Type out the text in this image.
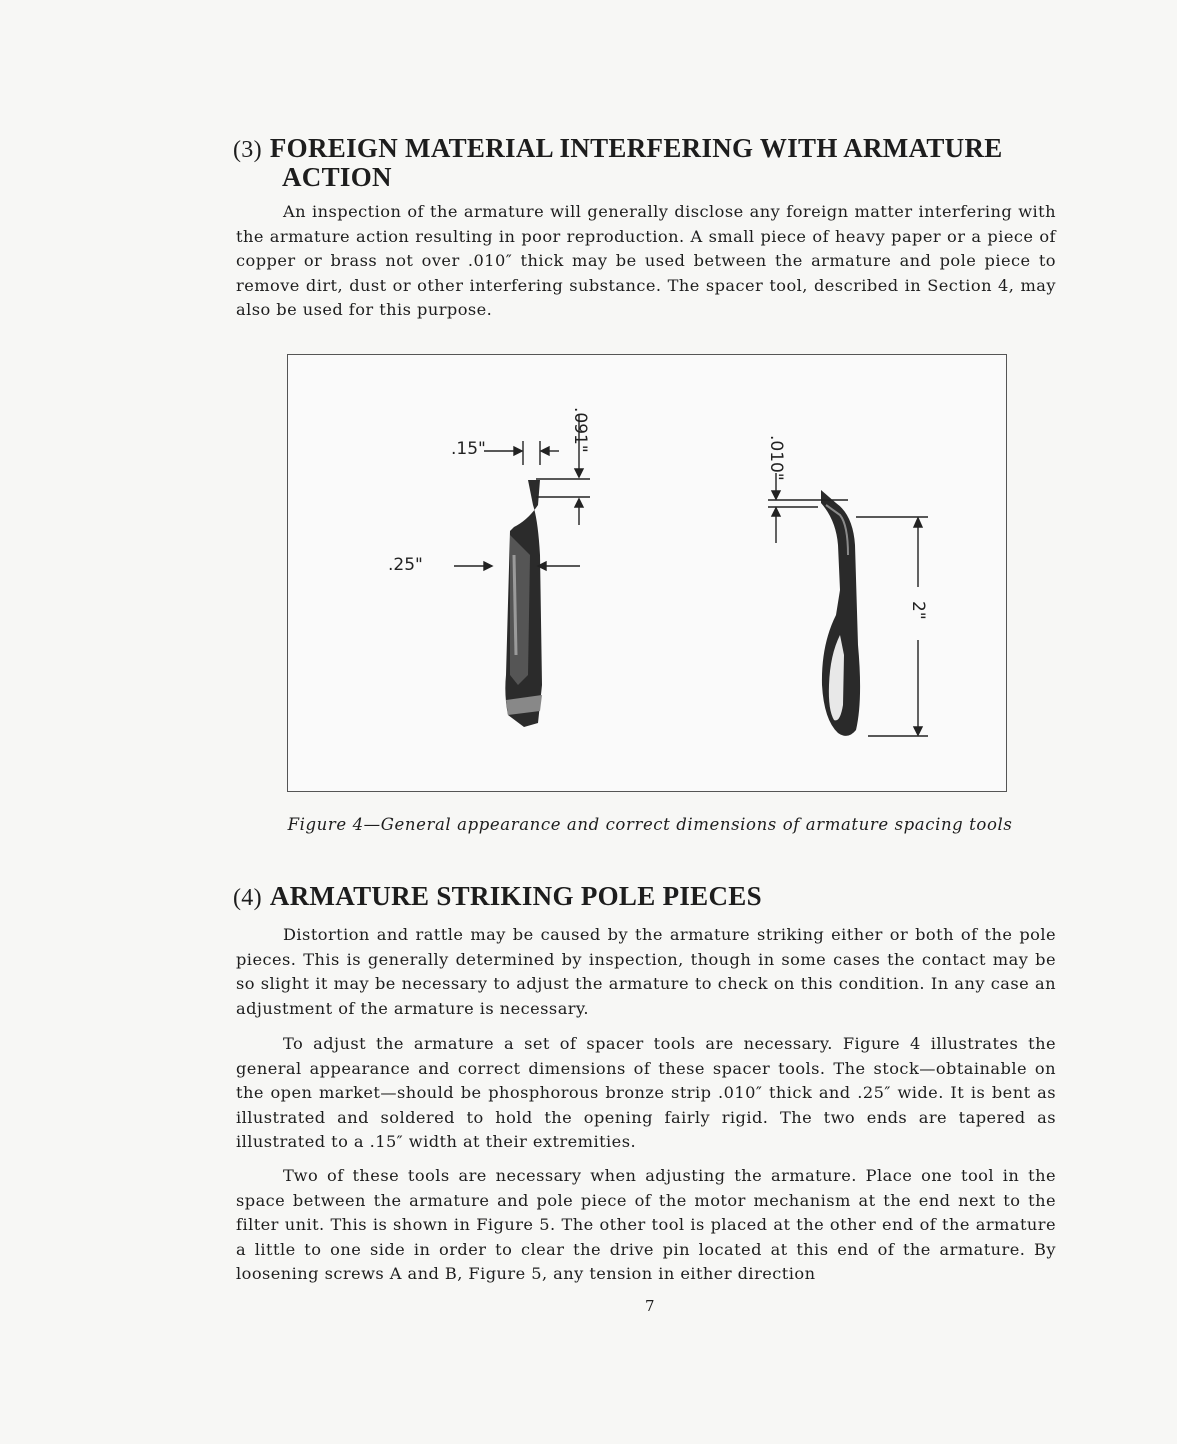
(3) FOREIGN MATERIAL INTERFERING WITH ARMATURE
ACTION

An inspection of the armature will generally disclose any foreign matter interfering with the armature action resulting in poor reproduction. A small piece of heavy paper or a piece of copper or brass not over .010″ thick may be used between the armature and pole piece to remove dirt, dust or other interfering substance. The spacer tool, described in Section 4, may also be used for this purpose.

.15"	.091"
.25"
.010"
2"
Figure 4—General appearance and correct dimensions of armature spacing tools
(4) ARMATURE STRIKING POLE PIECES

Distortion and rattle may be caused by the armature striking either or both of the pole pieces. This is generally determined by inspection, though in some cases the contact may be so slight it may be necessary to adjust the armature to check on this condition. In any case an adjustment of the armature is necessary.

To adjust the armature a set of spacer tools are necessary. Figure 4 illustrates the general appearance and correct dimensions of these spacer tools. The stock—obtainable on the open market—should be phosphorous bronze strip .010″ thick and .25″ wide. It is bent as illustrated and soldered to hold the opening fairly rigid. The two ends are tapered as illustrated to a .15″ width at their extremities.

Two of these tools are necessary when adjusting the armature. Place one tool in the space between the armature and pole piece of the motor mechanism at the end next to the filter unit. This is shown in Figure 5. The other tool is placed at the other end of the armature a little to one side in order to clear the drive pin located at this end of the armature. By loosening screws A and B, Figure 5, any tension in either direction

7
